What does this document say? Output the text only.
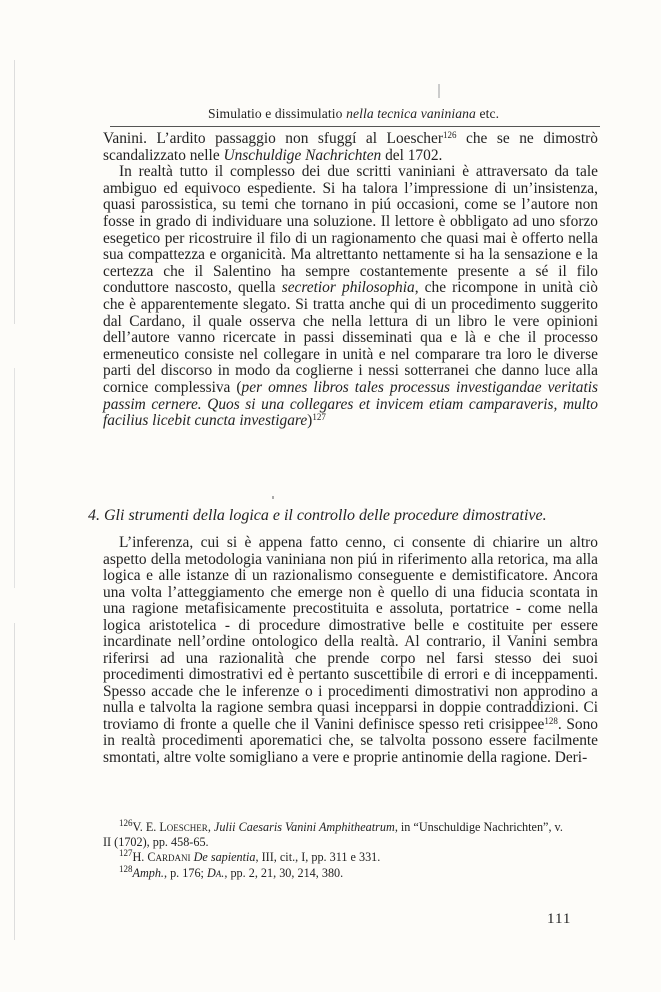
Simulatio e dissimulatio nella tecnica vaniniana etc.

Vanini. L’ardito passaggio non sfuggí al Loescher$^{126}$ che se ne dimostrò scandalizzato nelle Unschuldige Nachrichten del 1702.

In realtà tutto il complesso dei due scritti vaniniani è attraversato da tale ambiguo ed equivoco espediente. Si ha talora l’impressione di un’insistenza, quasi parossistica, su temi che tornano in piú occasioni, come se l’autore non fosse in grado di individuare una soluzione. Il lettore è obbligato ad uno sforzo esegetico per ricostruire il filo di un ragionamento che quasi mai è offerto nella sua compattezza e organicità. Ma altrettanto nettamente si ha la sensazione e la certezza che il Salentino ha sempre costantemente presente a sé il filo conduttore nascosto, quella secretior philosophia, che ricompone in unità ciò che è apparentemente slegato. Si tratta anche qui di un procedimento suggerito dal Cardano, il quale osserva che nella lettura di un libro le vere opinioni dell’autore vanno ricercate in passi disseminati qua e là e che il processo ermeneutico consiste nel collegare in unità e nel comparare tra loro le diverse parti del discorso in modo da coglierne i nessi sotterranei che danno luce alla cornice complessiva (per omnes libros tales processus investigandae veritatis passim cernere. Quos si una collegares et invicem etiam camparaveris, multo facilius licebit cuncta investigare)$^{127}$

4. Gli strumenti della logica e il controllo delle procedure dimostrative.

L’inferenza, cui si è appena fatto cenno, ci consente di chiarire un altro aspetto della metodologia vaniniana non piú in riferimento alla retorica, ma alla logica e alle istanze di un razionalismo conseguente e demistificatore. Ancora una volta l’atteggiamento che emerge non è quello di una fiducia scontata in una ragione metafisicamente precostituita e assoluta, portatrice - come nella logica aristotelica - di procedure dimostrative belle e costituite per essere incardinate nell’ordine ontologico della realtà. Al contrario, il Vanini sembra riferirsi ad una razionalità che prende corpo nel farsi stesso dei suoi procedimenti dimostrativi ed è pertanto suscettibile di errori e di inceppamenti. Spesso accade che le inferenze o i procedimenti dimostrativi non approdino a nulla e talvolta la ragione sembra quasi incepparsi in doppie contraddizioni. Ci troviamo di fronte a quelle che il Vanini definisce spesso reti crisippee$^{128}$. Sono in realtà procedimenti aporematici che, se talvolta possono essere facilmente smontati, altre volte somigliano a vere e proprie antinomie della ragione. Deri-

$^{126}$V. E. Loescher, Julii Caesaris Vanini Amphitheatrum, in “Unschuldige Nachrichten”, v. II (1702), pp. 458-65.

$^{127}$H. Cardani De sapientia, III, cit., I, pp. 311 e 331.

$^{128}$Amph., p. 176; Da., pp. 2, 21, 30, 214, 380.

111
